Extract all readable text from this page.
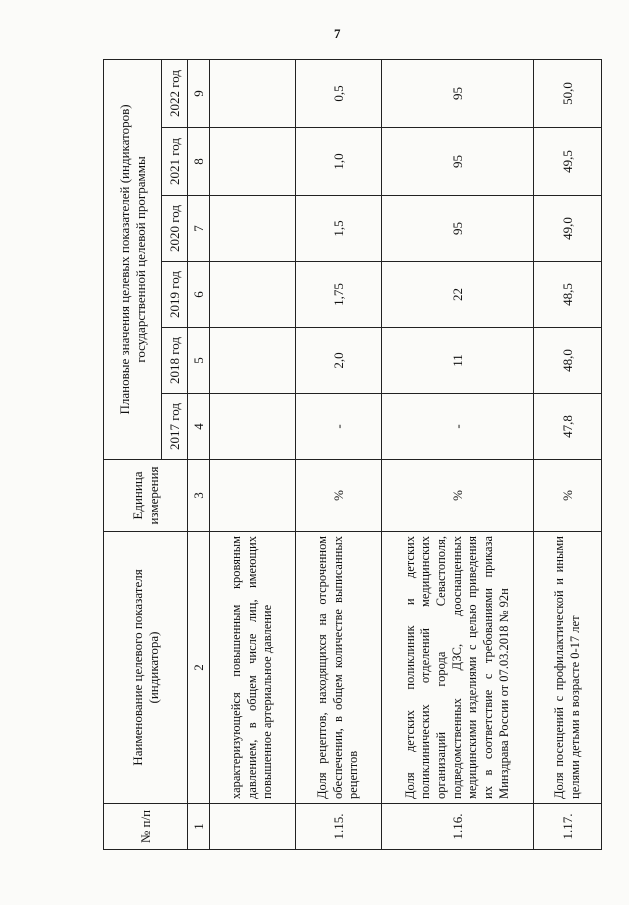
7
№ п/п	Наименование целевого показателя (индикатора)	Единица измерения	Плановые значения целевых показателей (индикаторов) государственной целевой программы					
			2017 год	2018 год	2019 год	2020 год	2021 год	2022 год
1	2	3	4	5	6	7	8	9
	характеризующейся повышенным кровяным давлением, в общем числе лиц, имеющих повышенное артериальное давление							
1.15.	Доля рецептов, находящихся на отсроченном обеспечении, в общем количестве выписанных рецептов	%	-	2,0	1,75	1,5	1,0	0,5
1.16.	Доля детских поликлиник и детских поликлинических отделений медицинских организаций города Севастополя, подведомственных ДЗС, дооснащенных медицинскими изделиями с целью приведения их в соответствие с требованиями приказа Минздрава России от 07.03.2018 № 92н	%	-	11	22	95	95	95
1.17.	Доля посещений с профилактической и иными целями детьми в возрасте 0-17 лет	%	47,8	48,0	48,5	49,0	49,5	50,0
